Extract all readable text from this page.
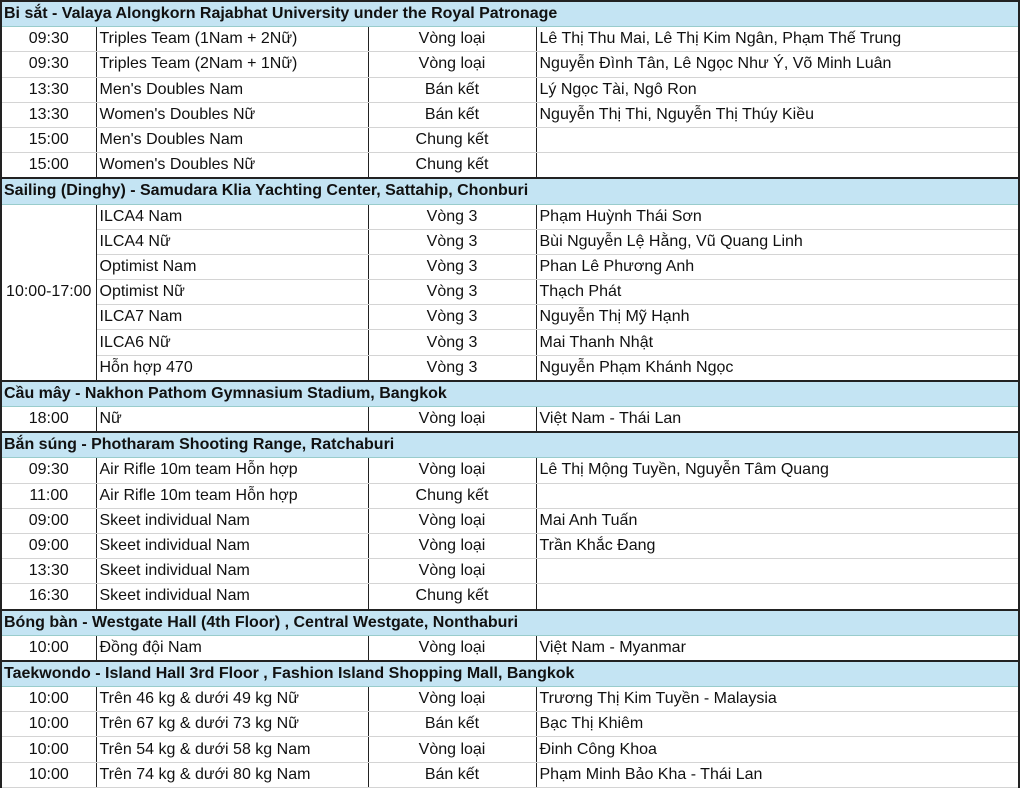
Bi sắt - Valaya Alongkorn Rajabhat University under the Royal Patronage			
09:30	Triples Team (1Nam + 2Nữ)	Vòng loại	Lê Thị Thu Mai, Lê Thị Kim Ngân, Phạm Thế Trung
09:30	Triples Team (2Nam + 1Nữ)	Vòng loại	Nguyễn Đình Tân, Lê Ngọc Như Ý, Võ Minh Luân
13:30	Men's Doubles Nam	Bán kết	Lý Ngọc Tài, Ngô Ron
13:30	Women's Doubles Nữ	Bán kết	Nguyễn Thị Thi, Nguyễn Thị Thúy Kiều
15:00	Men's Doubles Nam	Chung kết	
15:00	Women's Doubles Nữ	Chung kết	
Sailing (Dinghy) - Samudara Klia Yachting Center, Sattahip, Chonburi			
10:00-17:00	ILCA4 Nam	Vòng 3	Phạm Huỳnh Thái Sơn
	ILCA4 Nữ	Vòng 3	Bùi Nguyễn Lệ Hằng, Vũ Quang Linh
	Optimist Nam	Vòng 3	Phan Lê Phương Anh
	Optimist Nữ	Vòng 3	Thạch Phát
	ILCA7 Nam	Vòng 3	Nguyễn Thị Mỹ Hạnh
	ILCA6 Nữ	Vòng 3	Mai Thanh Nhật
	Hỗn hợp 470	Vòng 3	Nguyễn Phạm Khánh Ngọc
Cầu mây - Nakhon Pathom Gymnasium Stadium, Bangkok			
18:00	Nữ	Vòng loại	Việt Nam - Thái Lan
Bắn súng - Photharam Shooting Range, Ratchaburi			
09:30	Air Rifle 10m team Hỗn hợp	Vòng loại	Lê Thị Mộng Tuyền, Nguyễn Tâm Quang
11:00	Air Rifle 10m team Hỗn hợp	Chung kết	
09:00	Skeet individual Nam	Vòng loại	Mai Anh Tuấn
09:00	Skeet individual Nam	Vòng loại	Trần Khắc Đang
13:30	Skeet individual Nam	Vòng loại	
16:30	Skeet individual Nam	Chung kết	
Bóng bàn - Westgate Hall (4th Floor) , Central Westgate, Nonthaburi			
10:00	Đồng đội Nam	Vòng loại	Việt Nam - Myanmar
Taekwondo - Island Hall 3rd Floor , Fashion Island Shopping Mall, Bangkok			
10:00	Trên 46 kg & dưới 49 kg Nữ	Vòng loại	Trương Thị Kim Tuyền - Malaysia
10:00	Trên 67 kg & dưới 73 kg Nữ	Bán kết	Bạc Thị Khiêm
10:00	Trên 54 kg & dưới 58 kg Nam	Vòng loại	Đinh Công Khoa
10:00	Trên 74 kg & dưới 80 kg Nam	Bán kết	Phạm Minh Bảo Kha - Thái Lan
